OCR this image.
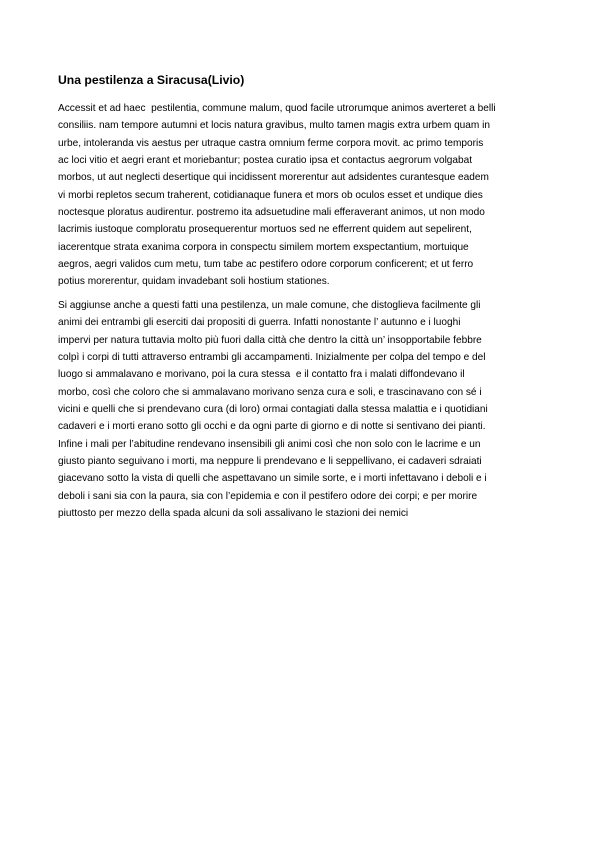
Una pestilenza a Siracusa(Livio)

Accessit et ad haec  pestilentia, commune malum, quod facile utrorumque animos averteret a belli
consiliis. nam tempore autumni et locis natura gravibus, multo tamen magis extra urbem quam in
urbe, intoleranda vis aestus per utraque castra omnium ferme corpora movit. ac primo temporis
ac loci vitio et aegri erant et moriebantur; postea curatio ipsa et contactus aegrorum volgabat
morbos, ut aut neglecti desertique qui incidissent morerentur aut adsidentes curantesque eadem
vi morbi repletos secum traherent, cotidianaque funera et mors ob oculos esset et undique dies
noctesque ploratus audirentur. postremo ita adsuetudine mali efferaverant animos, ut non modo
lacrimis iustoque comploratu prosequerentur mortuos sed ne efferrent quidem aut sepelirent,
iacerentque strata exanima corpora in conspectu similem mortem exspectantium, mortuique
aegros, aegri validos cum metu, tum tabe ac pestifero odore corporum conficerent; et ut ferro
potius morerentur, quidam invadebant soli hostium stationes.

Si aggiunse anche a questi fatti una pestilenza, un male comune, che distoglieva facilmente gli
animi dei entrambi gli eserciti dai propositi di guerra. Infatti nonostante l’ autunno e i luoghi
impervi per natura tuttavia molto più fuori dalla città che dentro la città un’ insopportabile febbre
colpì i corpi di tutti attraverso entrambi gli accampamenti. Inizialmente per colpa del tempo e del
luogo si ammalavano e morivano, poi la cura stessa  e il contatto fra i malati diffondevano il
morbo, così che coloro che si ammalavano morivano senza cura e soli, e trascinavano con sé i
vicini e quelli che si prendevano cura (di loro) ormai contagiati dalla stessa malattia e i quotidiani
cadaveri e i morti erano sotto gli occhi e da ogni parte di giorno e di notte si sentivano dei pianti.
Infine i mali per l’abitudine rendevano insensibili gli animi così che non solo con le lacrime e un
giusto pianto seguivano i morti, ma neppure li prendevano e li seppellivano, ei cadaveri sdraiati
giacevano sotto la vista di quelli che aspettavano un simile sorte, e i morti infettavano i deboli e i
deboli i sani sia con la paura, sia con l’epidemia e con il pestifero odore dei corpi; e per morire
piuttosto per mezzo della spada alcuni da soli assalivano le stazioni dei nemici
